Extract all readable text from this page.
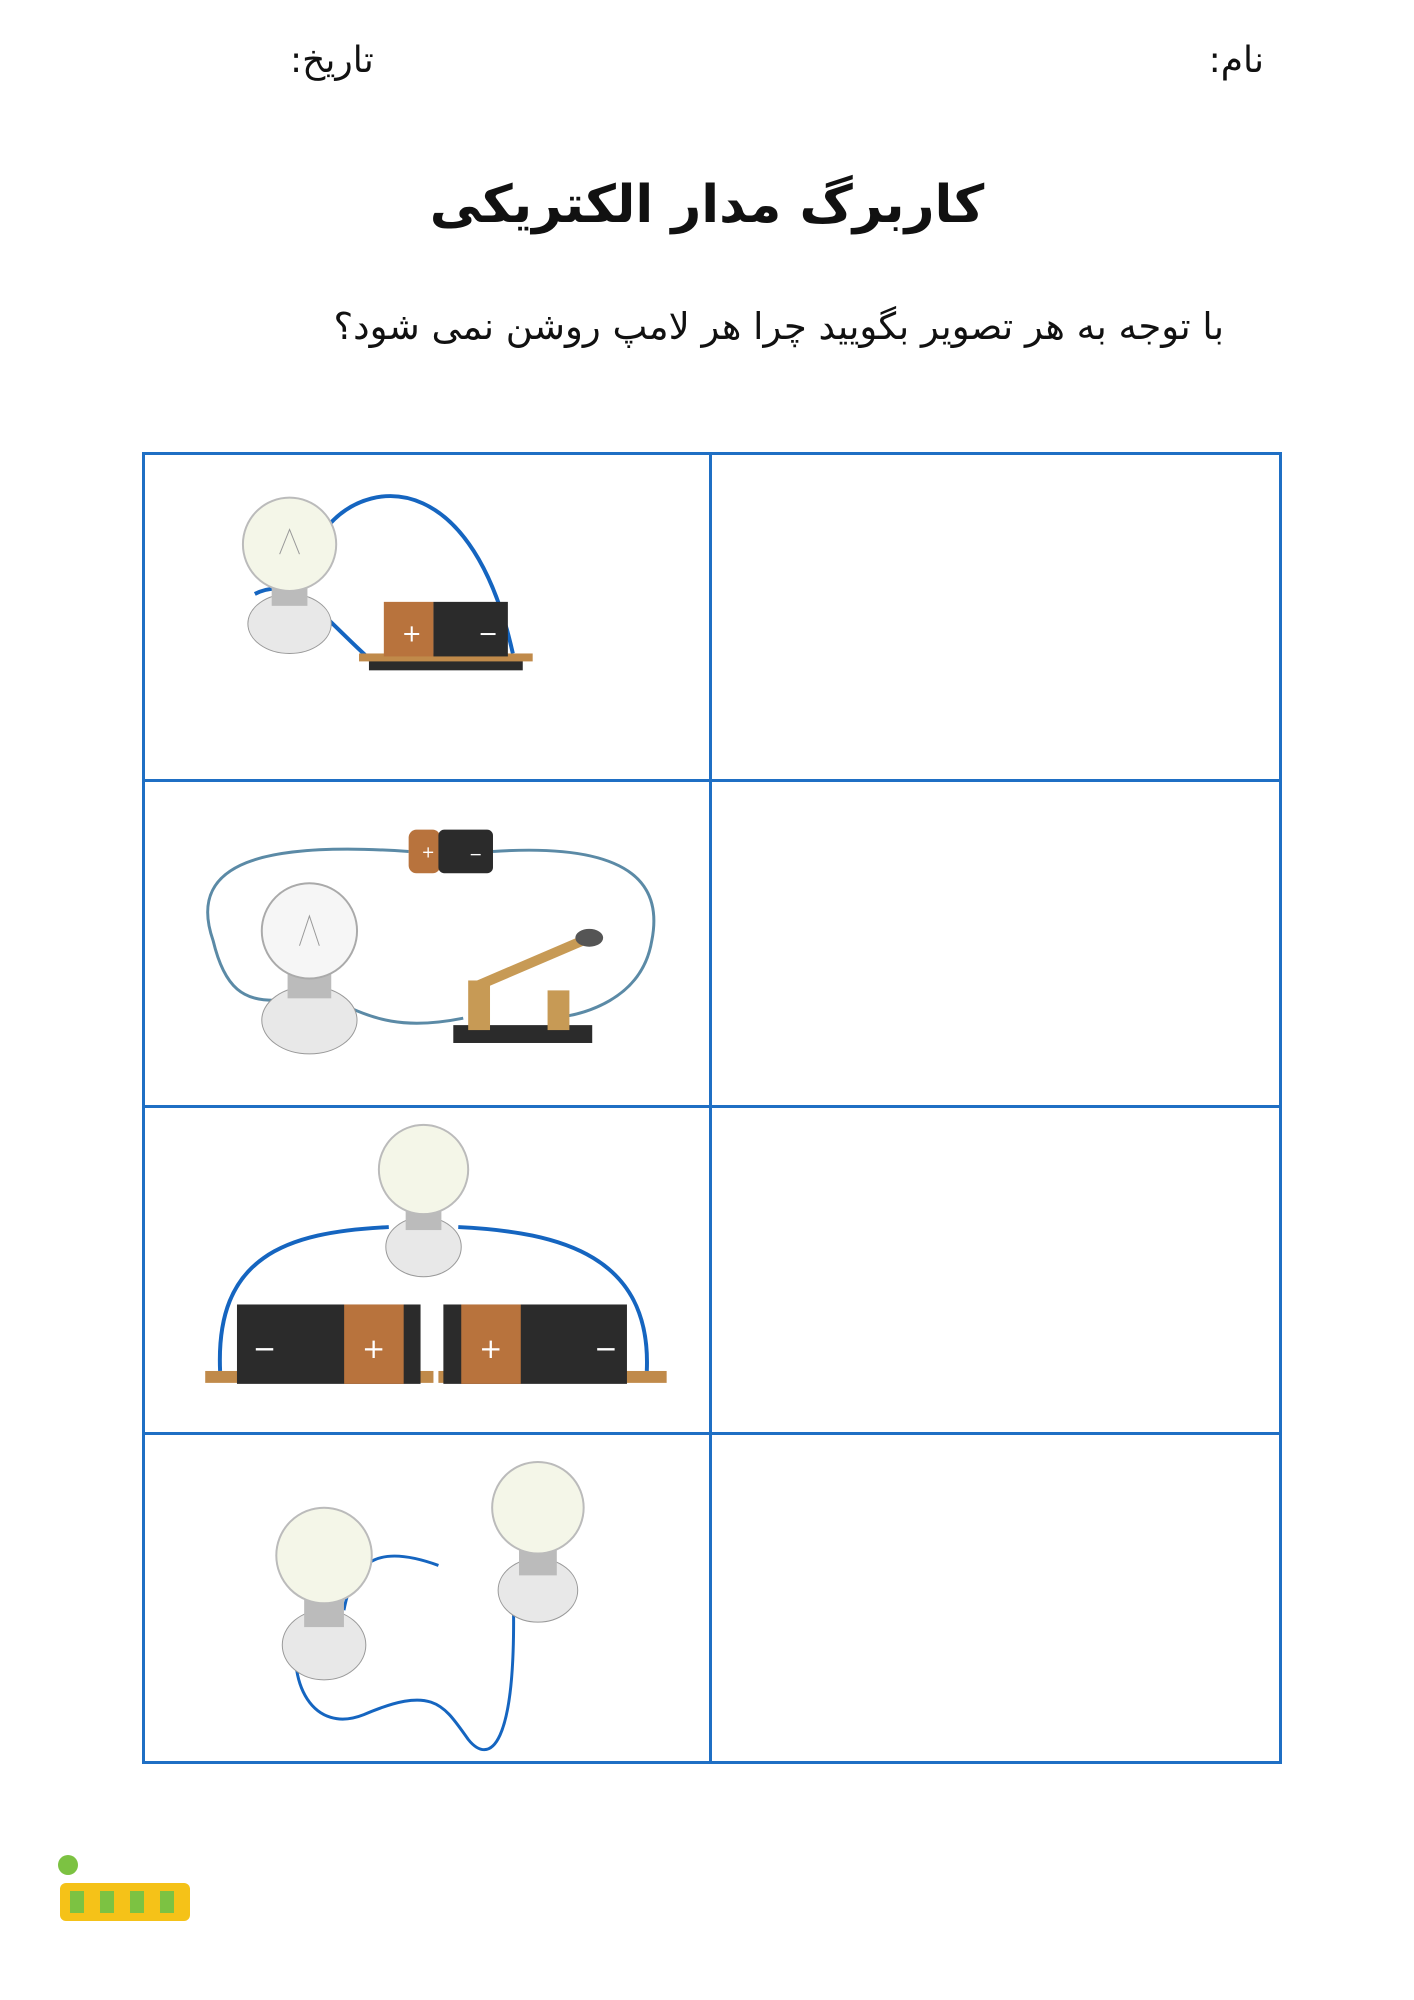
نام:
تاریخ:
کاربرگ مدار الکتریکی
با توجه به هر تصویر بگویید چرا هر لامپ روشن نمی شود؟
+ −
+ −
−	+	+	−
